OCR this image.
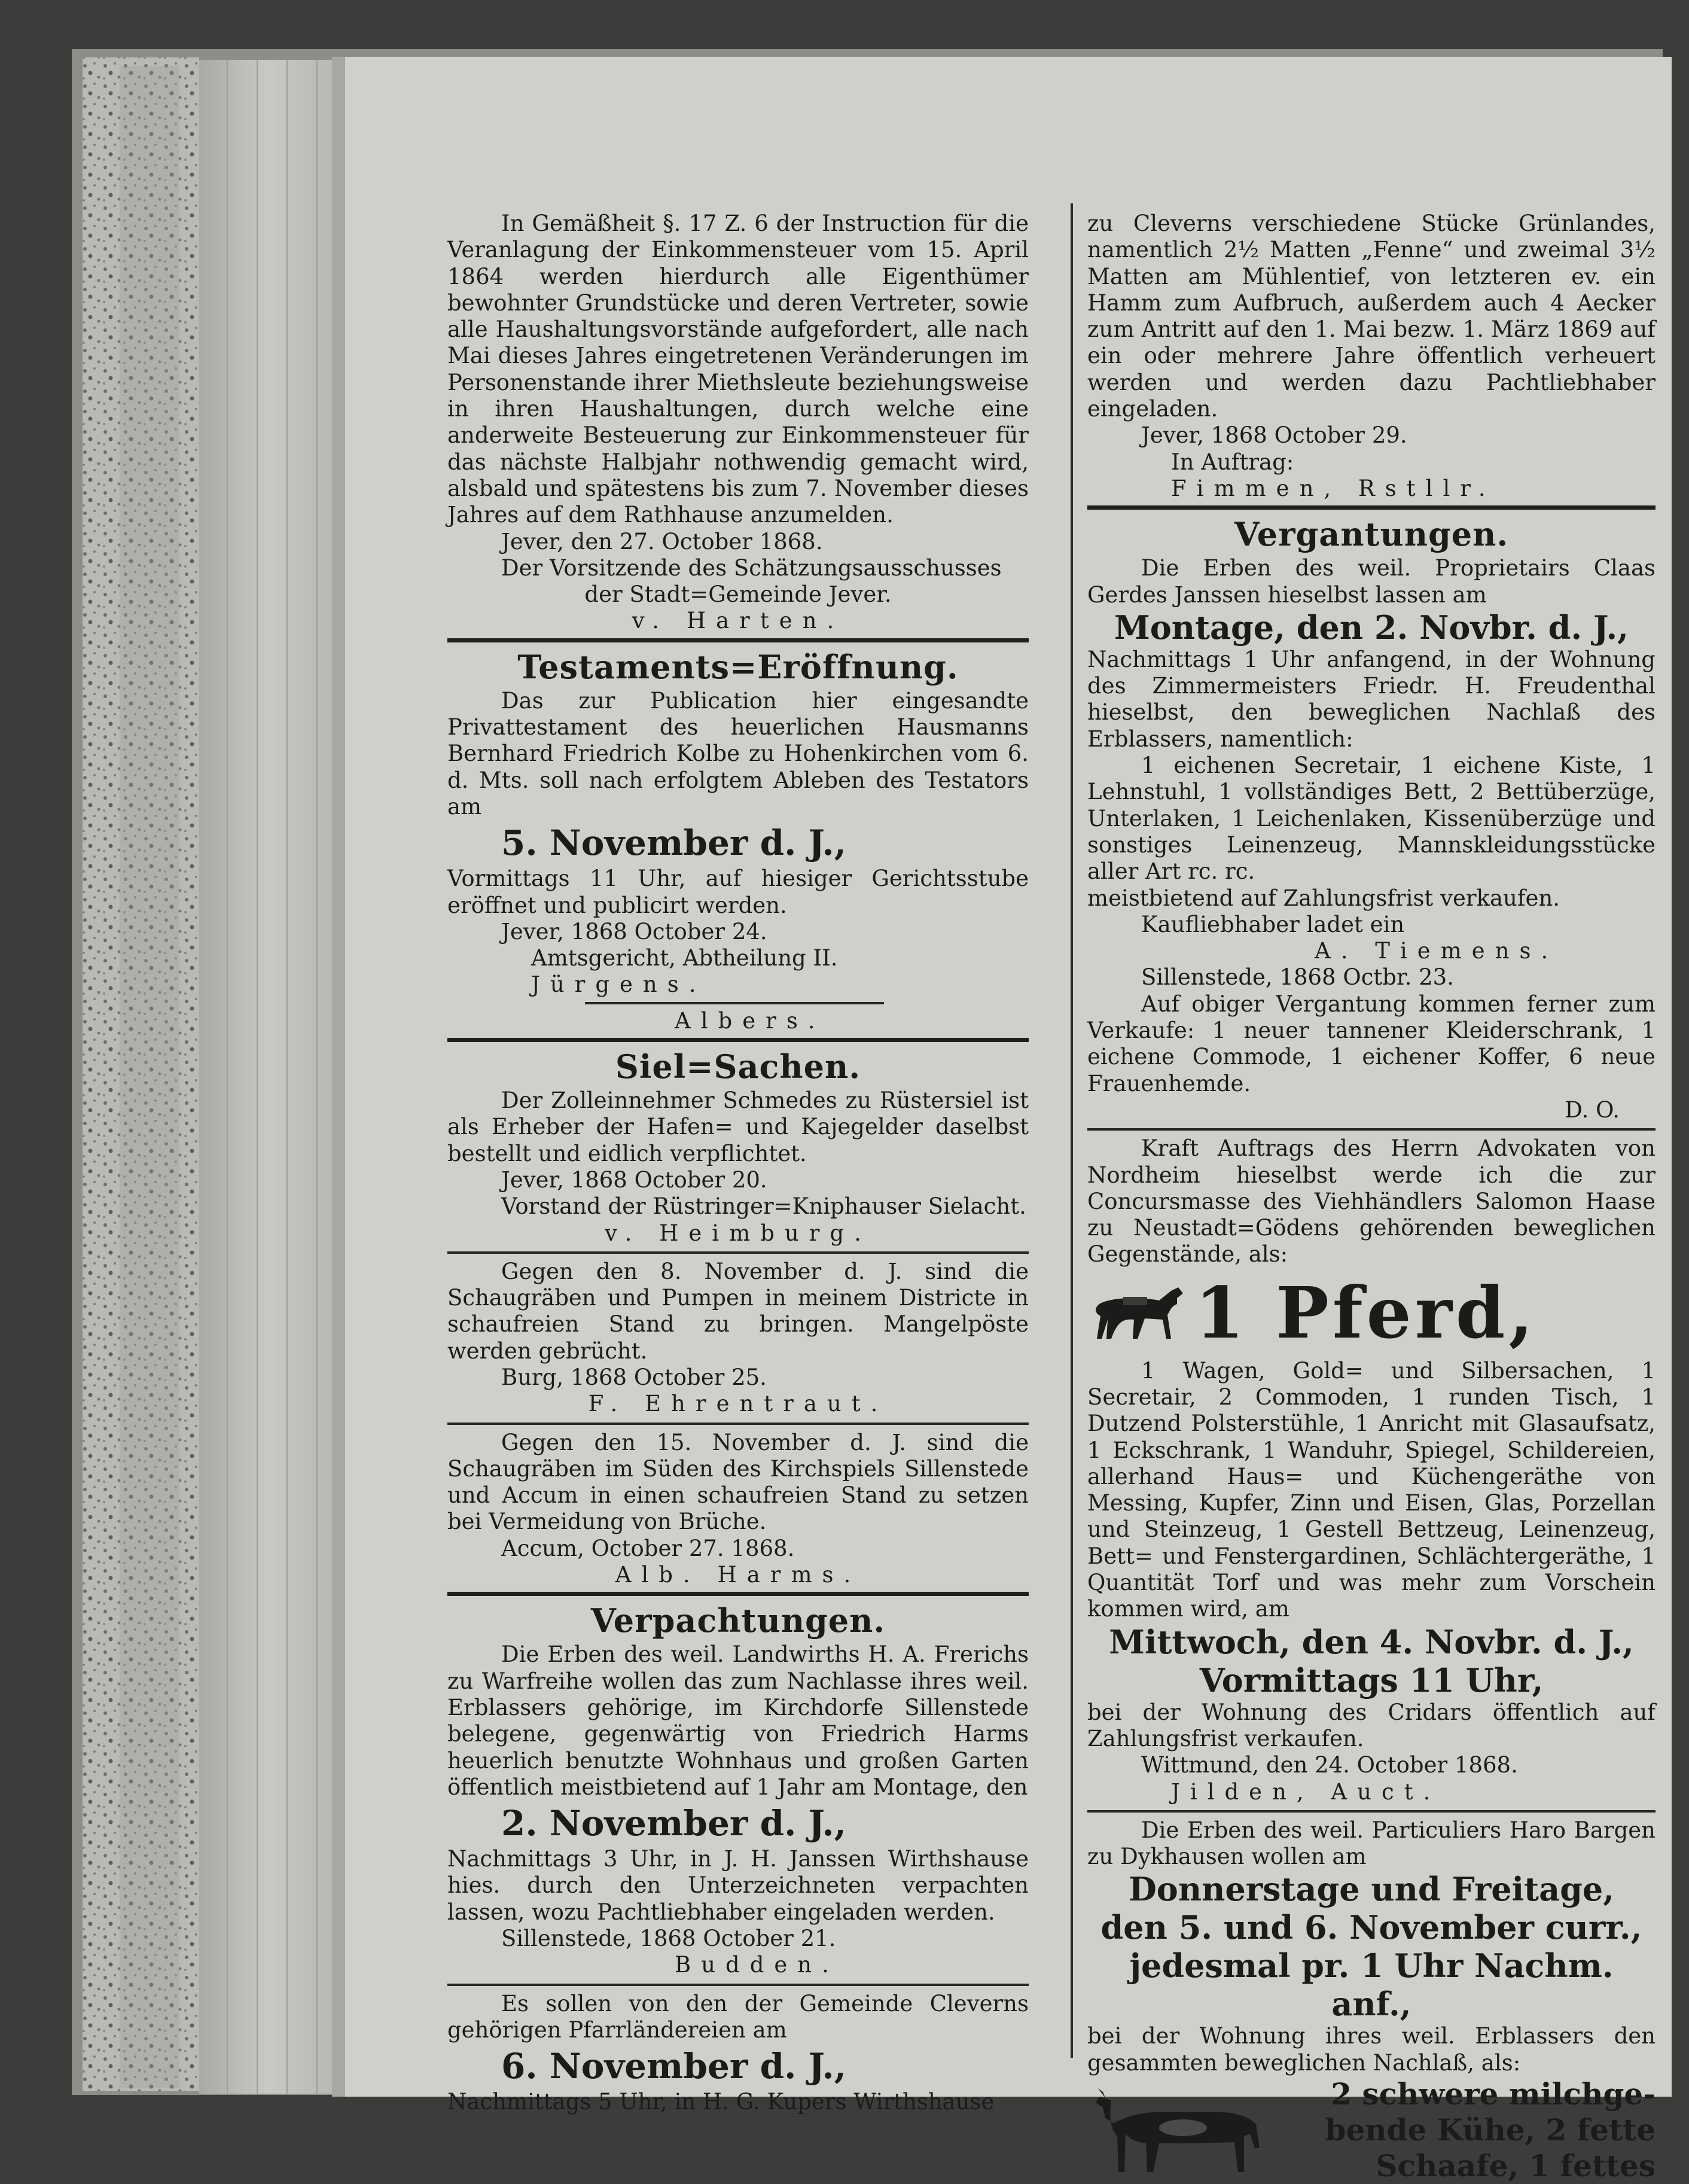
In Gemäßheit §. 17 Z. 6 der Instruction für die Veranlagung der Einkommensteuer vom 15. April 1864 werden hierdurch alle Eigenthümer bewohnter Grundstücke und deren Vertreter, sowie alle Haushaltungsvorstände aufgefordert, alle nach Mai dieses Jahres eingetretenen Veränderungen im Personenstande ihrer Miethsleute beziehungsweise in ihren Haushaltungen, durch welche eine anderweite Besteuerung zur Einkommensteuer für das nächste Halbjahr nothwendig gemacht wird, alsbald und spätestens bis zum 7. November dieses Jahres auf dem Rathhause anzumelden.

Jever, den 27. October 1868.

Der Vorsitzende des Schätzungsausschusses

der Stadt=Gemeinde Jever.

v. Harten.

Testaments=Eröffnung.

Das zur Publication hier eingesandte Privattestament des heuerlichen Hausmanns Bernhard Friedrich Kolbe zu Hohenkirchen vom 6. d. Mts. soll nach erfolgtem Ableben des Testators am

5. November d. J.,

Vormittags 11 Uhr, auf hiesiger Gerichtsstube eröffnet und publicirt werden.

Jever, 1868 October 24.

Amtsgericht, Abtheilung II.

Jürgens.

Albers.

Siel=Sachen.

Der Zolleinnehmer Schmedes zu Rüstersiel ist als Erheber der Hafen= und Kajegelder daselbst bestellt und eidlich verpflichtet.

Jever, 1868 October 20.

Vorstand der Rüstringer=Kniphauser Sielacht.

v. Heimburg.

Gegen den 8. November d. J. sind die Schaugräben und Pumpen in meinem Districte in schaufreien Stand zu bringen. Mangelpöste werden gebrücht.

Burg, 1868 October 25.

F. Ehrentraut.

Gegen den 15. November d. J. sind die Schaugräben im Süden des Kirchspiels Sillenstede und Accum in einen schaufreien Stand zu setzen bei Vermeidung von Brüche.

Accum, October 27. 1868.

Alb. Harms.

Verpachtungen.

Die Erben des weil. Landwirths H. A. Frerichs zu Warfreihe wollen das zum Nachlasse ihres weil. Erblassers gehörige, im Kirchdorfe Sillenstede belegene, gegenwärtig von Friedrich Harms heuerlich benutzte Wohnhaus und großen Garten öffentlich meistbietend auf 1 Jahr am Montage, den

2. November d. J.,

Nachmittags 3 Uhr, in J. H. Janssen Wirthshause hies. durch den Unterzeichneten verpachten lassen, wozu Pachtliebhaber eingeladen werden.

Sillenstede, 1868 October 21.

Budden.

Es sollen von den der Gemeinde Cleverns gehörigen Pfarrländereien am

6. November d. J.,

Nachmittags 5 Uhr, in H. G. Kupers Wirthshause

zu Cleverns verschiedene Stücke Grünlandes, namentlich 2½ Matten „Fenne“ und zweimal 3½ Matten am Mühlentief, von letzteren ev. ein Hamm zum Aufbruch, außerdem auch 4 Aecker zum Antritt auf den 1. Mai bezw. 1. März 1869 auf ein oder mehrere Jahre öffentlich verheuert werden und werden dazu Pachtliebhaber eingeladen.

Jever, 1868 October 29.

In Auftrag:

Fimmen, Rstllr.

Vergantungen.

Die Erben des weil. Proprietairs Claas Gerdes Janssen hieselbst lassen am

Montage, den 2. Novbr. d. J.,

Nachmittags 1 Uhr anfangend, in der Wohnung des Zimmermeisters Friedr. H. Freudenthal hieselbst, den beweglichen Nachlaß des Erblassers, namentlich:

1 eichenen Secretair, 1 eichene Kiste, 1 Lehnstuhl, 1 vollständiges Bett, 2 Bettüberzüge, Unterlaken, 1 Leichenlaken, Kissenüberzüge und sonstiges Leinenzeug, Mannskleidungsstücke aller Art rc. rc.

meistbietend auf Zahlungsfrist verkaufen.

Kaufliebhaber ladet ein

A. Tiemens.

Sillenstede, 1868 Octbr. 23.

Auf obiger Vergantung kommen ferner zum Verkaufe: 1 neuer tannener Kleiderschrank, 1 eichene Commode, 1 eichener Koffer, 6 neue Frauenhemde.

D. O.

Kraft Auftrags des Herrn Advokaten von Nordheim hieselbst werde ich die zur Concursmasse des Viehhändlers Salomon Haase zu Neustadt=Gödens gehörenden beweglichen Gegenstände, als:

1 Pferd,

1 Wagen, Gold= und Silbersachen, 1 Secretair, 2 Commoden, 1 runden Tisch, 1 Dutzend Polsterstühle, 1 Anricht mit Glasaufsatz, 1 Eckschrank, 1 Wanduhr, Spiegel, Schildereien, allerhand Haus= und Küchengeräthe von Messing, Kupfer, Zinn und Eisen, Glas, Porzellan und Steinzeug, 1 Gestell Bettzeug, Leinenzeug, Bett= und Fenstergardinen, Schlächtergeräthe, 1 Quantität Torf und was mehr zum Vorschein kommen wird, am

Mittwoch, den 4. Novbr. d. J.,

Vormittags 11 Uhr,

bei der Wohnung des Cridars öffentlich auf Zahlungsfrist verkaufen.

Wittmund, den 24. October 1868.

Jilden, Auct.

Die Erben des weil. Particuliers Haro Bargen zu Dykhausen wollen am

Donnerstage und Freitage,

den 5. und 6. November curr.,

jedesmal pr. 1 Uhr Nachm. anf.,

bei der Wohnung ihres weil. Erblassers den gesammten beweglichen Nachlaß, als:

2 schwere milchge-

bende Kühe, 2 fette

Schaafe, 1 fettes
